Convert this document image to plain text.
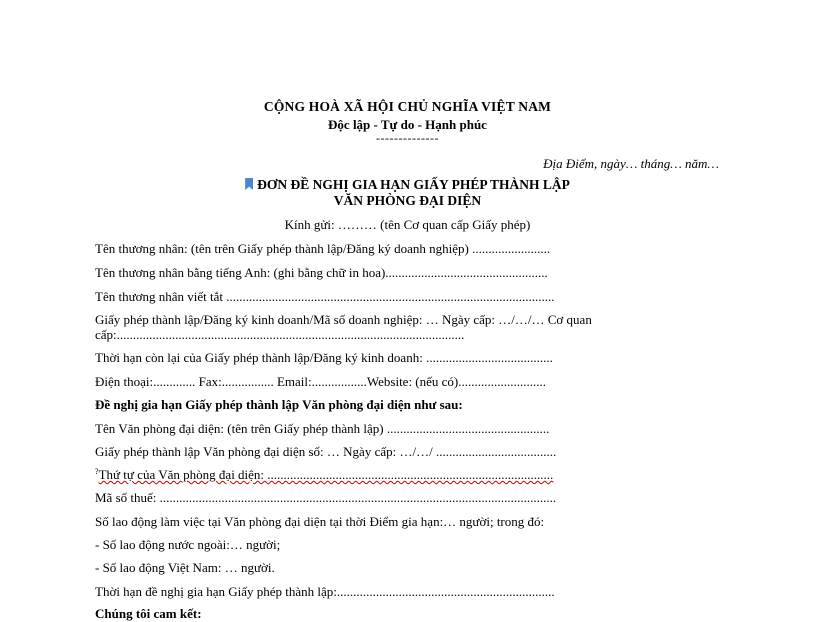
CỘNG HOÀ XÃ HỘI CHỦ NGHĨA VIỆT NAM
Độc lập - Tự do - Hạnh phúc
--------------
Địa Điểm, ngày… tháng… năm…
ĐƠN ĐỀ NGHỊ GIA HẠN GIẤY PHÉP THÀNH LẬP
VĂN PHÒNG ĐẠI DIỆN
Kính gửi: ……… (tên Cơ quan cấp Giấy phép)
Tên thương nhân: (tên trên Giấy phép thành lập/Đăng ký doanh nghiệp) ........................
Tên thương nhân bằng tiếng Anh: (ghi bằng chữ in hoa)..................................................
Tên thương nhân viết tắt .....................................................................................................
Giấy phép thành lập/Đăng ký kinh doanh/Mã số doanh nghiệp: … Ngày cấp: …/…/… Cơ quan cấp:...........................................................................................................
Thời hạn còn lại của Giấy phép thành lập/Đăng ký kinh doanh: .......................................
Điện thoại:............. Fax:................ Email:.................Website: (nếu có)...........................
Đề nghị gia hạn Giấy phép thành lập Văn phòng đại diện như sau:
Tên Văn phòng đại diện: (tên trên Giấy phép thành lập) ..................................................
Giấy phép thành lập Văn phòng đại diện số: … Ngày cấp: …/…/ .....................................
?Thứ tự của Văn phòng đại diện: ........................................................................................
Mã số thuế: ..........................................................................................................................
Số lao động làm việc tại Văn phòng đại diện tại thời Điểm gia hạn:… người; trong đó:
- Số lao động nước ngoài:… người;
- Số lao động Việt Nam: … người.
Thời hạn đề nghị gia hạn Giấy phép thành lập:...................................................................
Chúng tôi cam kết:
